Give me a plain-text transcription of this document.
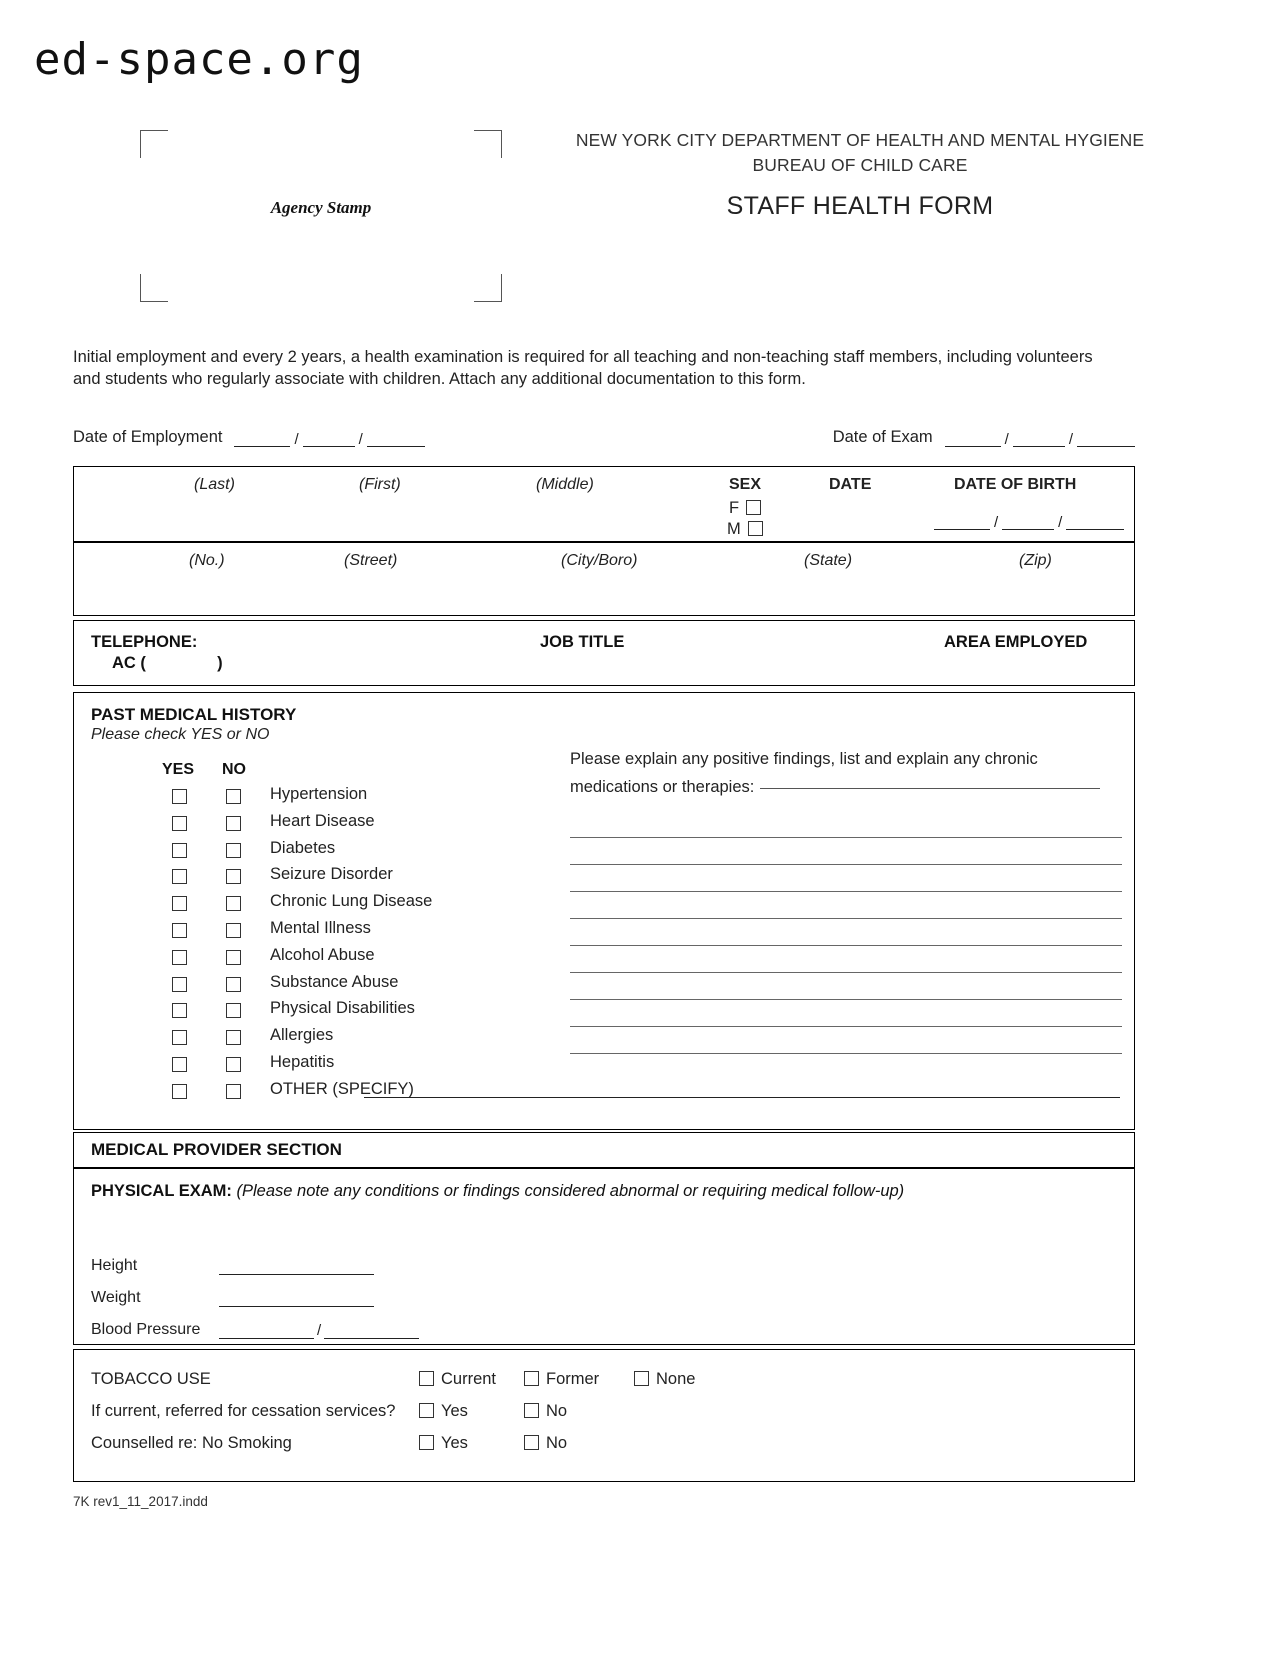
ed-space.org
Agency Stamp
NEW YORK CITY DEPARTMENT OF HEALTH AND MENTAL HYGIENE
BUREAU OF CHILD CARE
STAFF HEALTH FORM
Initial employment and every 2 years, a health examination is required for all teaching and non-teaching staff members, including volunteers and students who regularly associate with children. Attach any additional documentation to this form.
Date of Employment	/	/	Date of Exam	/	/
(Last)	(First)	(Middle)	SEX	DATE	DATE OF BIRTH
F
M	/	/
(No.)	(Street)	(City/Boro)	(State)	(Zip)
TELEPHONE:
AC (	)
JOB TITLE	AREA EMPLOYED
PAST MEDICAL HISTORY
Please check YES or NO
YES NO
Hypertension
Heart Disease
Diabetes
Seizure Disorder
Chronic Lung Disease
Mental Illness
Alcohol Abuse
Substance Abuse
Physical Disabilities
Allergies
Hepatitis
OTHER (SPECIFY)
Please explain any positive findings, list and explain any chronic
medications or therapies:
MEDICAL PROVIDER SECTION
PHYSICAL EXAM: (Please note any conditions or findings considered abnormal or requiring medical follow-up)
Height
Weight
Blood Pressure	/
TOBACCO USE	Current	Former	None
If current, referred for cessation services?	Yes	No
Counselled re: No Smoking	Yes	No
7K rev1_11_2017.indd
